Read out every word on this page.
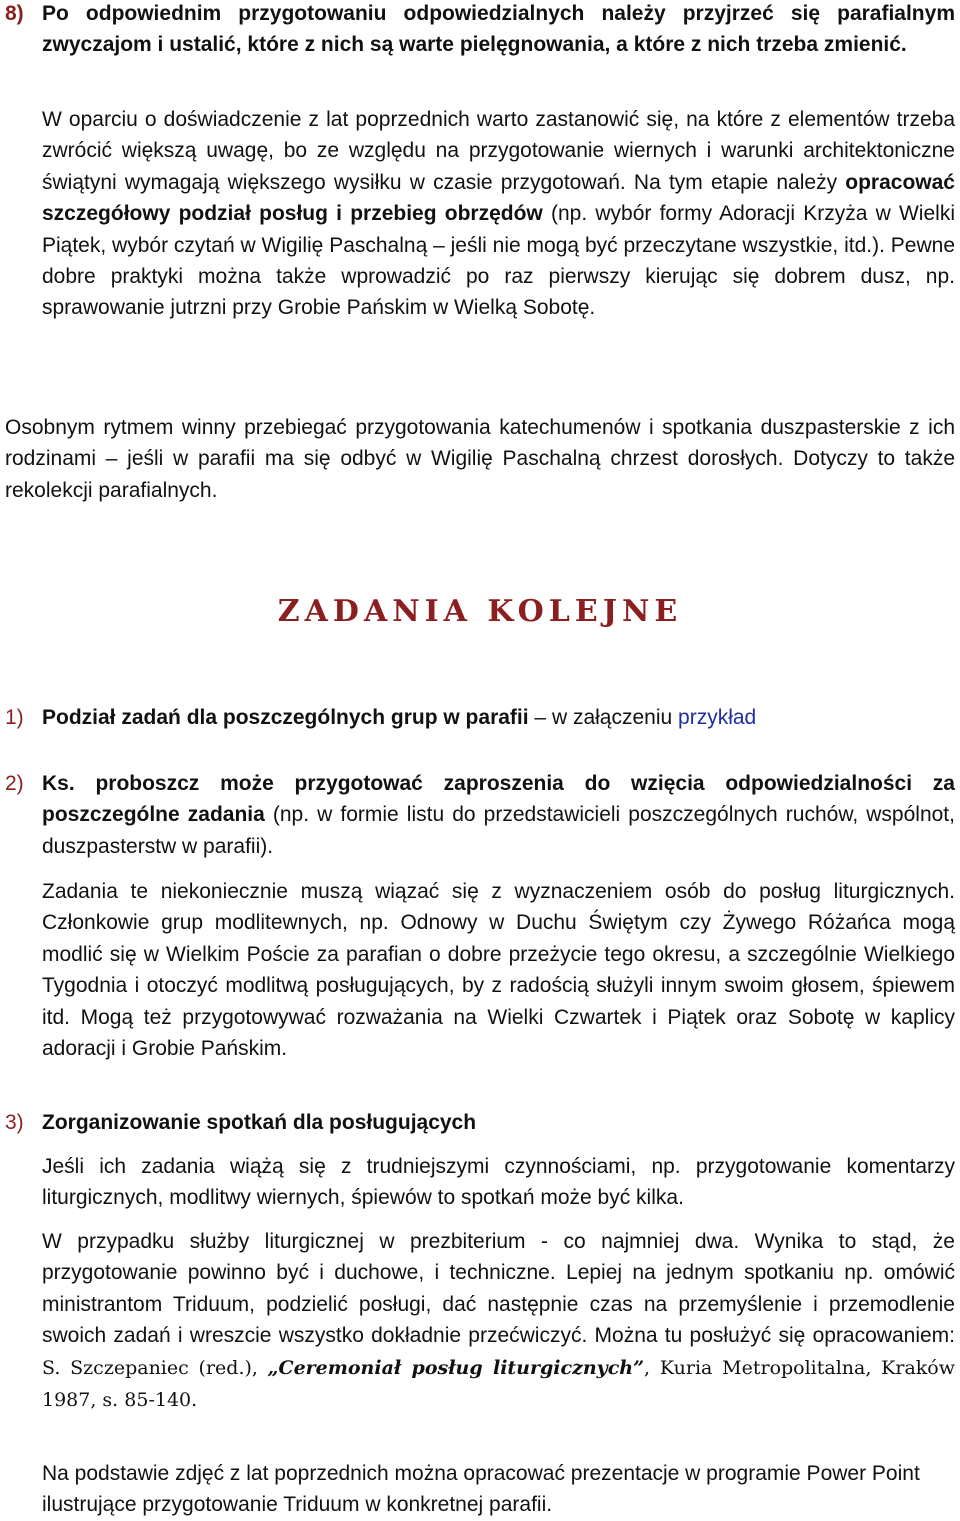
8) Po odpowiednim przygotowaniu odpowiedzialnych należy przyjrzeć się parafialnym zwyczajom i ustalić, które z nich są warte pielęgnowania, a które z nich trzeba zmienić.

W oparciu o doświadczenie z lat poprzednich warto zastanowić się, na które z elementów trzeba zwrócić większą uwagę, bo ze względu na przygotowanie wiernych i warunki architektoniczne świątyni wymagają większego wysiłku w czasie przygotowań. Na tym etapie należy opracować szczegółowy podział posług i przebieg obrzędów (np. wybór formy Adoracji Krzyża w Wielki Piątek, wybór czytań w Wigilię Paschalną – jeśli nie mogą być przeczytane wszystkie, itd.). Pewne dobre praktyki można także wprowadzić po raz pierwszy kierując się dobrem dusz, np. sprawowanie jutrzni przy Grobie Pańskim w Wielką Sobotę.

Osobnym rytmem winny przebiegać przygotowania katechumenów i spotkania duszpasterskie z ich rodzinami – jeśli w parafii ma się odbyć w Wigilię Paschalną chrzest dorosłych. Dotyczy to także rekolekcji parafialnych.

ZADANIA KOLEJNE
1) Podział zadań dla poszczególnych grup w parafii – w załączeniu przykład

2) Ks. proboszcz może przygotować zaproszenia do wzięcia odpowiedzialności za poszczególne zadania (np. w formie listu do przedstawicieli poszczególnych ruchów, wspólnot, duszpasterstw w parafii).

Zadania te niekoniecznie muszą wiązać się z wyznaczeniem osób do posług liturgicznych. Członkowie grup modlitewnych, np. Odnowy w Duchu Świętym czy Żywego Różańca mogą modlić się w Wielkim Poście za parafian o dobre przeżycie tego okresu, a szczególnie Wielkiego Tygodnia i otoczyć modlitwą posługujących, by z radością służyli innym swoim głosem, śpiewem itd. Mogą też przygotowywać rozważania na Wielki Czwartek i Piątek oraz Sobotę w kaplicy adoracji i Grobie Pańskim.

3) Zorganizowanie spotkań dla posługujących

Jeśli ich zadania wiążą się z trudniejszymi czynnościami, np. przygotowanie komentarzy liturgicznych, modlitwy wiernych, śpiewów to spotkań może być kilka.

W przypadku służby liturgicznej w prezbiterium - co najmniej dwa. Wynika to stąd, że przygotowanie powinno być i duchowe, i techniczne. Lepiej na jednym spotkaniu np. omówić ministrantom Triduum, podzielić posługi, dać następnie czas na przemyślenie i przemodlenie swoich zadań i wreszcie wszystko dokładnie przećwiczyć. Można tu posłużyć się opracowaniem: S. Szczepaniec (red.), „Ceremoniał posług liturgicznych”, Kuria Metropolitalna, Kraków 1987, s. 85-140.

Na podstawie zdjęć z lat poprzednich można opracować prezentacje w programie Power Point ilustrujące przygotowanie Triduum w konkretnej parafii.
